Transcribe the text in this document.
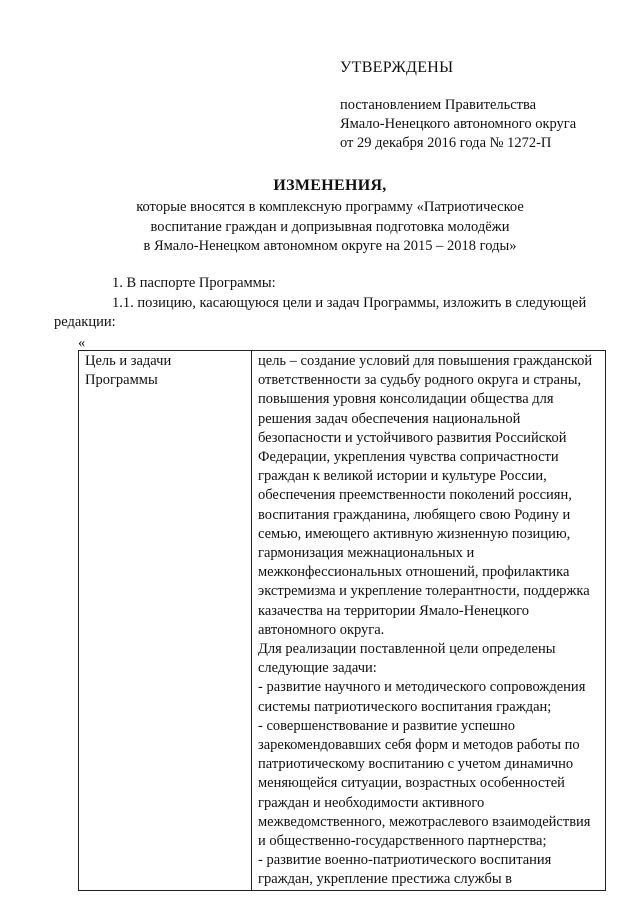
УТВЕРЖДЕНЫ
постановлением Правительства
Ямало-Ненецкого автономного округа
от 29 декабря 2016 года № 1272-П
ИЗМЕНЕНИЯ,
которые вносятся в комплексную программу «Патриотическое
воспитание граждан и допризывная подготовка молодёжи
в Ямало-Ненецком автономном округе на 2015 – 2018 годы»

1. В паспорте Программы:

1.1. позицию, касающуюся цели и задач Программы, изложить в следующей

редакции:

«
Цель и задачи
Программы

цель – создание условий для повышения гражданской
ответственности за судьбу родного округа и страны,
повышения уровня консолидации общества для
решения задач обеспечения национальной
безопасности и устойчивого развития Российской
Федерации, укрепления чувства сопричастности
граждан к великой истории и культуре России,
обеспечения преемственности поколений россиян,
воспитания гражданина, любящего свою Родину и
семью, имеющего активную жизненную позицию,
гармонизация межнациональных и
межконфессиональных отношений, профилактика
экстремизма и укрепление толерантности, поддержка
казачества на территории Ямало-Ненецкого
автономного округа.
Для реализации поставленной цели определены
следующие задачи:
- развитие научного и методического сопровождения
системы патриотического воспитания граждан;
- совершенствование и развитие успешно
зарекомендовавших себя форм и методов работы по
патриотическому воспитанию с учетом динамично
меняющейся ситуации, возрастных особенностей
граждан и необходимости активного
межведомственного, межотраслевого взаимодействия
и общественно-государственного партнерства;
- развитие военно-патриотического воспитания
граждан, укрепление престижа службы в
